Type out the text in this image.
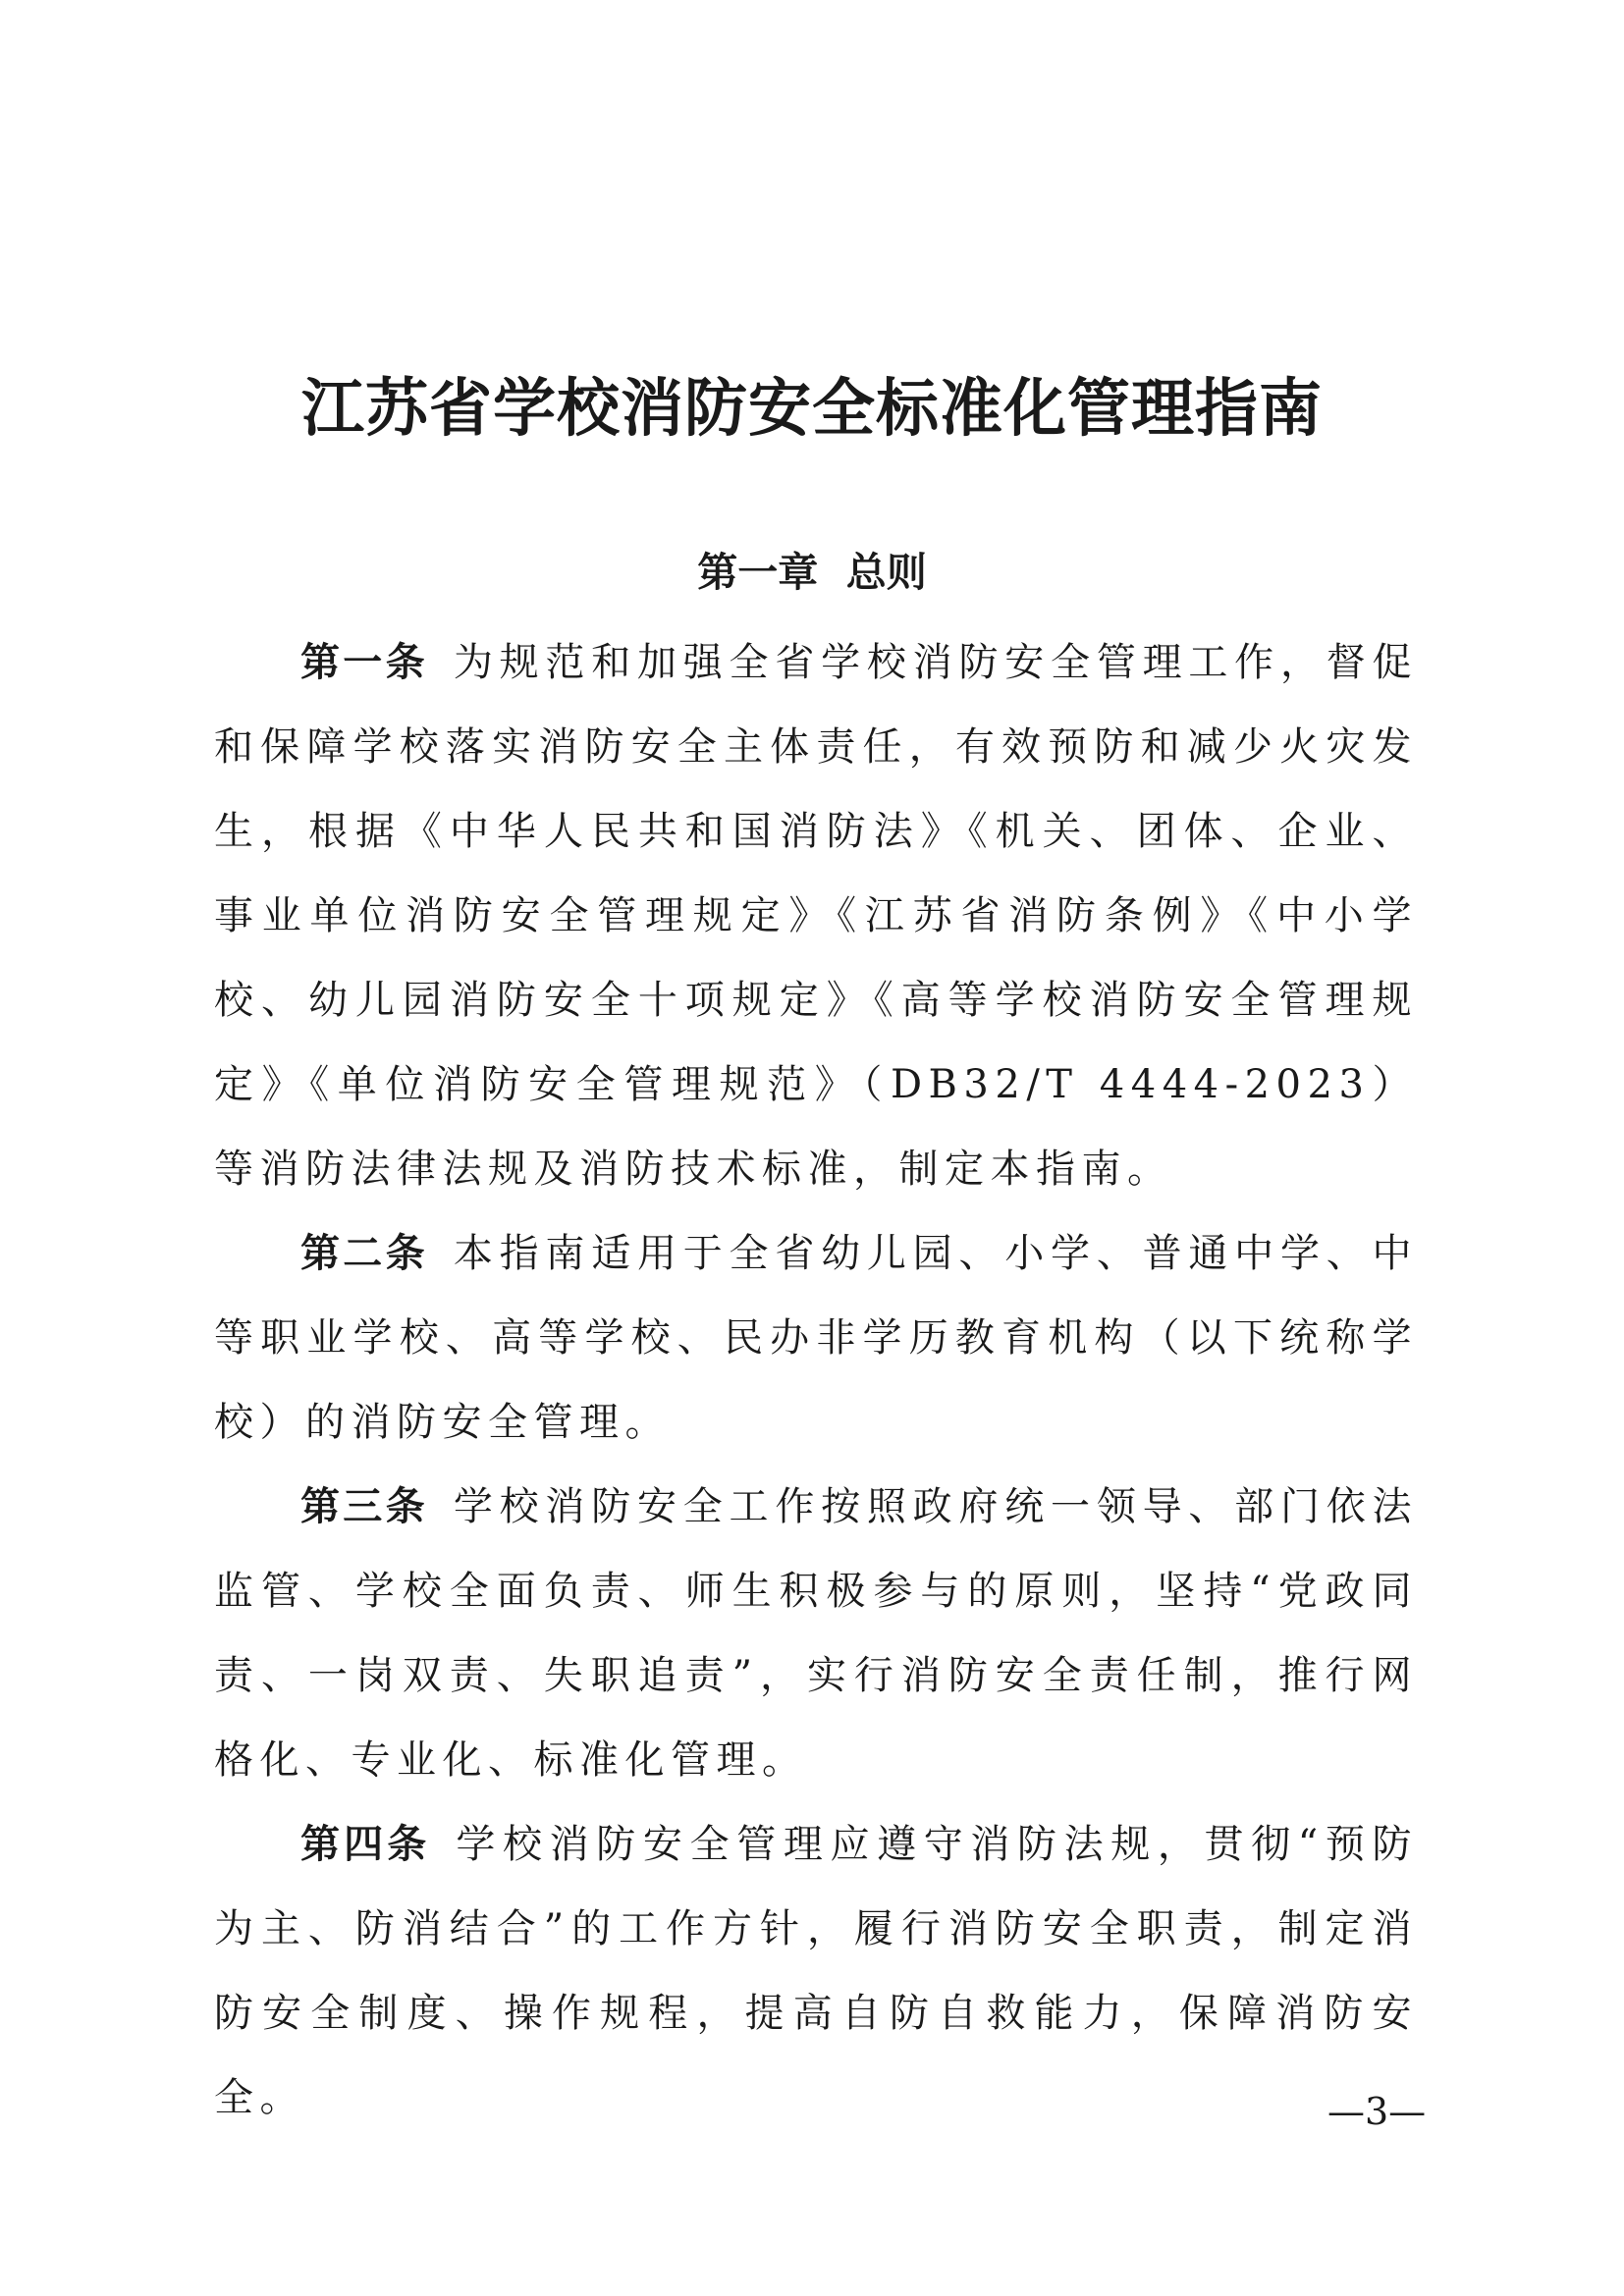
江苏省学校消防安全标准化管理指南
第一章  总则

第一条 为规范和加强全省学校消防安全管理工作，督促和保障学校落实消防安全主体责任，有效预防和减少火灾发生，根据《中华人民共和国消防法》《机关、团体、企业、事业单位消防安全管理规定》《江苏省消防条例》《中小学校、幼儿园消防安全十项规定》《高等学校消防安全管理规定》《单位消防安全管理规范》（DB32/T 4444-2023）等消防法律法规及消防技术标准，制定本指南。

第二条 本指南适用于全省幼儿园、小学、普通中学、中等职业学校、高等学校、民办非学历教育机构（以下统称学校）的消防安全管理。

第三条 学校消防安全工作按照政府统一领导、部门依法监管、学校全面负责、师生积极参与的原则，坚持“党政同责、一岗双责、失职追责”，实行消防安全责任制，推行网格化、专业化、标准化管理。

第四条 学校消防安全管理应遵守消防法规，贯彻“预防为主、防消结合”的工作方针，履行消防安全职责，制定消防安全制度、操作规程，提高自防自救能力，保障消防安全。	—3—
